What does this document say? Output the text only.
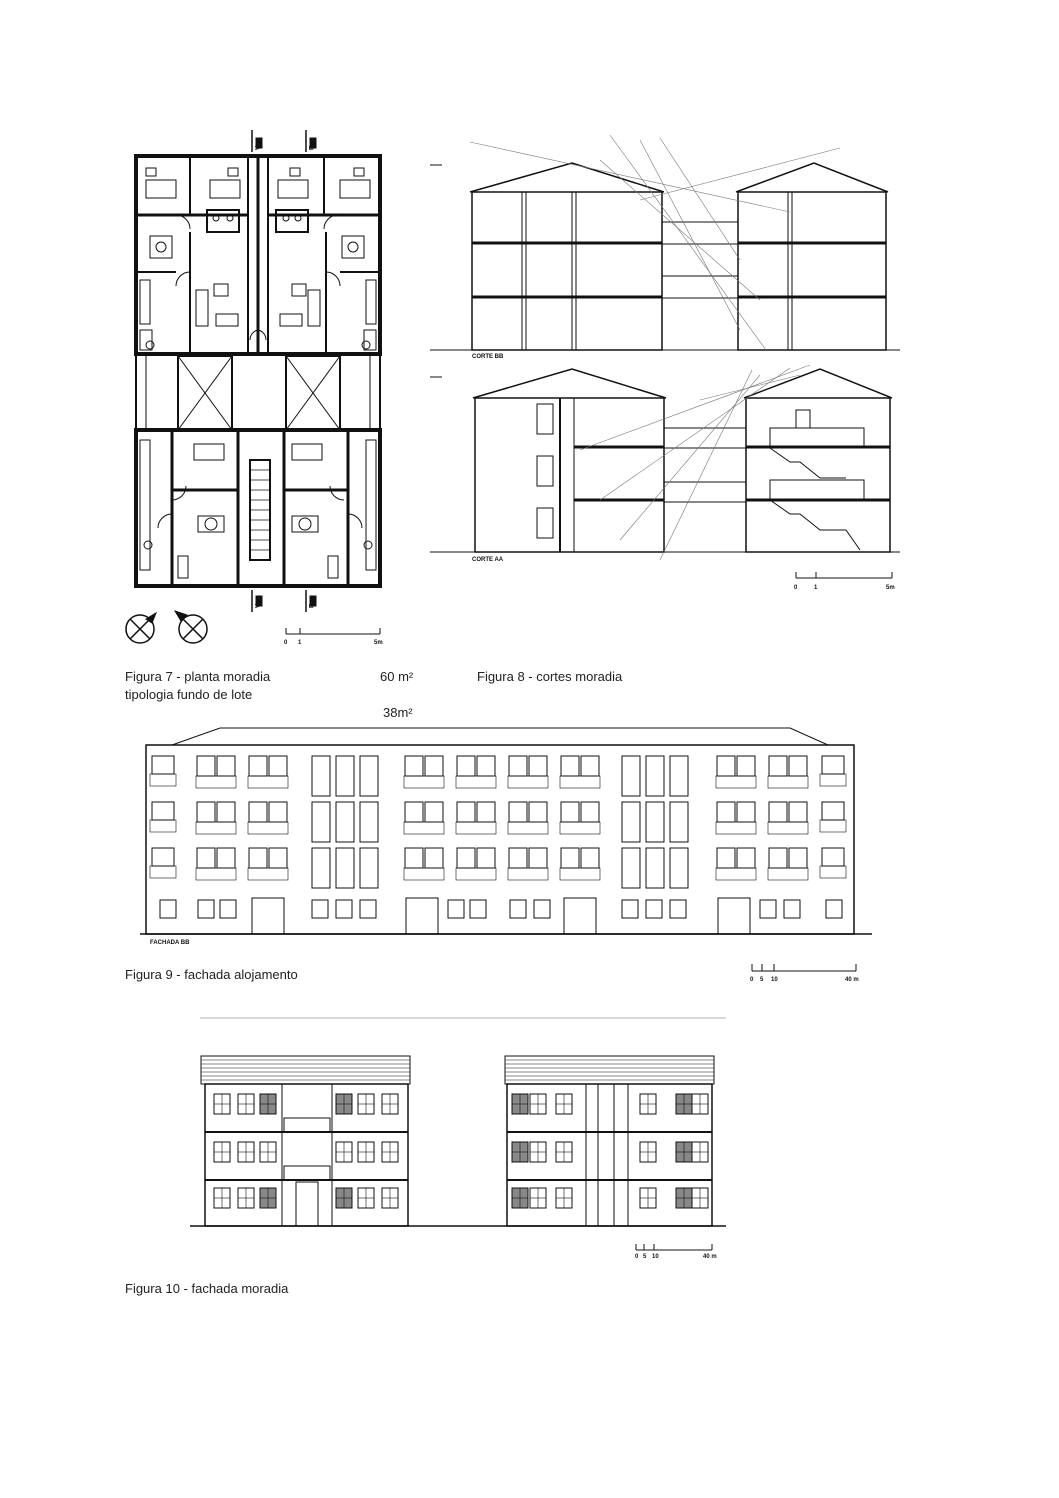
A	B
A	B
0 1	5m
CORTE BB
CORTE AA
0	1	5m
FACHADA BB
0 5 10	40 m
0 5 10	40 m
Figura 7 - planta moradia
tipologia fundo de lote
60 m²
38m²
Figura 8 - cortes moradia
Figura 9 - fachada alojamento
Figura 10 - fachada moradia
